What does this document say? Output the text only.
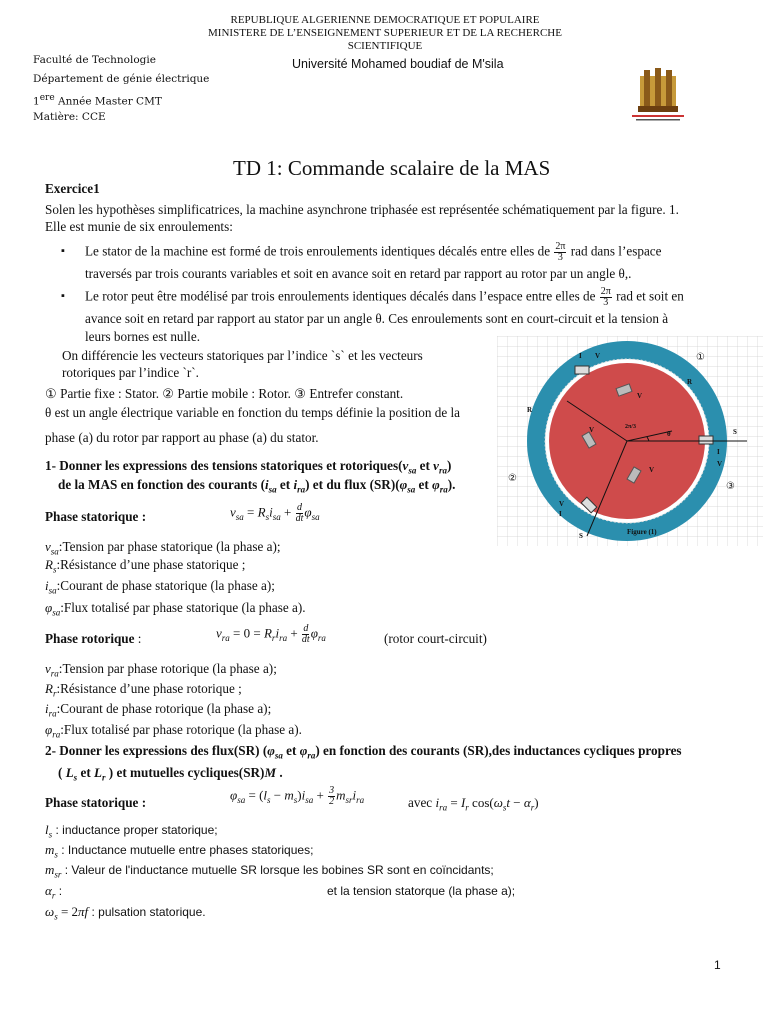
REPUBLIQUE ALGERIENNE DEMOCRATIQUE ET POPULAIRE
MINISTERE DE L’ENSEIGNEMENT SUPERIEUR ET DE LA RECHERCHE
SCIENTIFIQUE
Université Mohamed boudiaf de M'sila
Faculté de Technologie
Département de génie électrique
1ere Année Master CMT
Matière: CCE
TD 1: Commande scalaire de la MAS
Exercice1
Solen les hypothèses simplificatrices, la machine asynchrone triphasée est représentée schématiquement par la figure. 1.
Elle est munie de six enroulements:
▪ Le stator de la machine est formé de trois enroulements identiques décalés entre elles de $\frac{2\pi}{3}$ rad dans l’espace
traversés par trois courants variables et soit en avance soit en retard par rapport au rotor par un angle θ,.
▪ Le rotor peut être modélisé par trois enroulements identiques décalés dans l’espace entre elles de $\frac{2\pi}{3}$ rad et soit en
avance soit en retard par rapport au stator par un angle θ. Ces enroulements sont en court-circuit et la tension à
leurs bornes est nulle.
On différencie les vecteurs statoriques par l’indice `s` et les vecteurs
rotoriques par l’indice `r`.
① Partie fixe : Stator. ② Partie mobile : Rotor. ③ Entrefer constant.
θ est un angle électrique variable en fonction du temps définie la position de la
phase (a) du rotor par rapport au phase (a) du stator.
I V
R
R
V
V
V
θ
2π/3
S
I
V
V
I
S	Figure (1)
①
②
③
1- Donner les expressions des tensions statoriques et $rotoriques(v_{sa}$ et $v_{ra}$)
de la MAS en fonction des courants ($i_{sa}$ et $i_{ra}$) et du flux $(SR)(\varphi_{sa}$ et $\varphi_{ra}$).
Phase statorique :	$v_{sa} = R_si_{sa} + \frac{d}{dt} \varphi_{sa}$
$v_{sa}:Tension$ par phase statorique (la phase a);
$R_s:Résistance$ d’une phase statorique ;
$i_{sa}:Courant$ de phase statorique (la phase a);
$\varphi_{sa}:Flux$ totalisé par phase statorique (la phase a).
Phase rotorique :	$v_{ra} = 0 = R_ri_{ra} + \frac{d}{dt} \varphi_{ra}$	(rotor court-circuit)
$v_{ra}:Tension$ par phase rotorique (la phase a);
$R_r:Résistance$ d’une phase rotorique ;
$i_{ra}:Courant$ de phase rotorique (la phase a);
$\varphi_{ra}:Flux$ totalisé par phase rotorique (la phase a).
2- Donner les expressions des flux(SR) ($\varphi_{sa}$ et $\varphi_{ra}$) en fonction des courants (SR),des inductances cycliques propres
( $L_s$ et $L_r$ ) et mutuelles cycliques(SR)M .
Phase statorique :
$\varphi_{sa} = (l_s - m_s)i_{sa} + \frac{3}{2} m_{sr}i_{ra}$	avec $i_{ra} = I_r$ $\cos(\omega_st - \alpha_r)$
$l_s$ : inductance proper statorique;
$m_s$ : Inductance mutuelle entre phases statoriques;
$m_{sr}$ : Valeur de l'inductance mutuelle SR lorsque les bobines SR sont en coïncidants;
$\alpha_r$ :	et la tension statorque (la phase a);
$\omega_s = 2\pi f$ : pulsation statorique.
1
